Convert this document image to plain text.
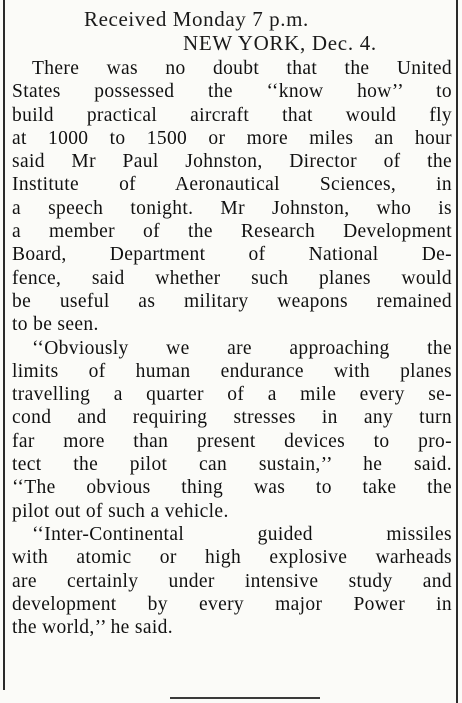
Received Monday 7 p.m.
NEW YORK, Dec. 4.
There was no doubt that the United
States possessed the ‘‘know how’’ to
build practical aircraft that would fly
at 1000 to 1500 or more miles an hour
said Mr Paul Johnston, Director of the
Institute of Aeronautical Sciences, in
a speech tonight. Mr Johnston, who is
a member of the Research Development
Board, Department of National De-
fence, said whether such planes would
be useful as military weapons remained
to be seen.
‘‘Obviously we are approaching the
limits of human endurance with planes
travelling a quarter of a mile every se-
cond and requiring stresses in any turn
far more than present devices to pro-
tect the pilot can sustain,’’ he said.
‘‘The obvious thing was to take the
pilot out of such a vehicle.
‘‘Inter-Continental guided missiles
with atomic or high explosive warheads
are certainly under intensive study and
development by every major Power in
the world,’’ he said.
